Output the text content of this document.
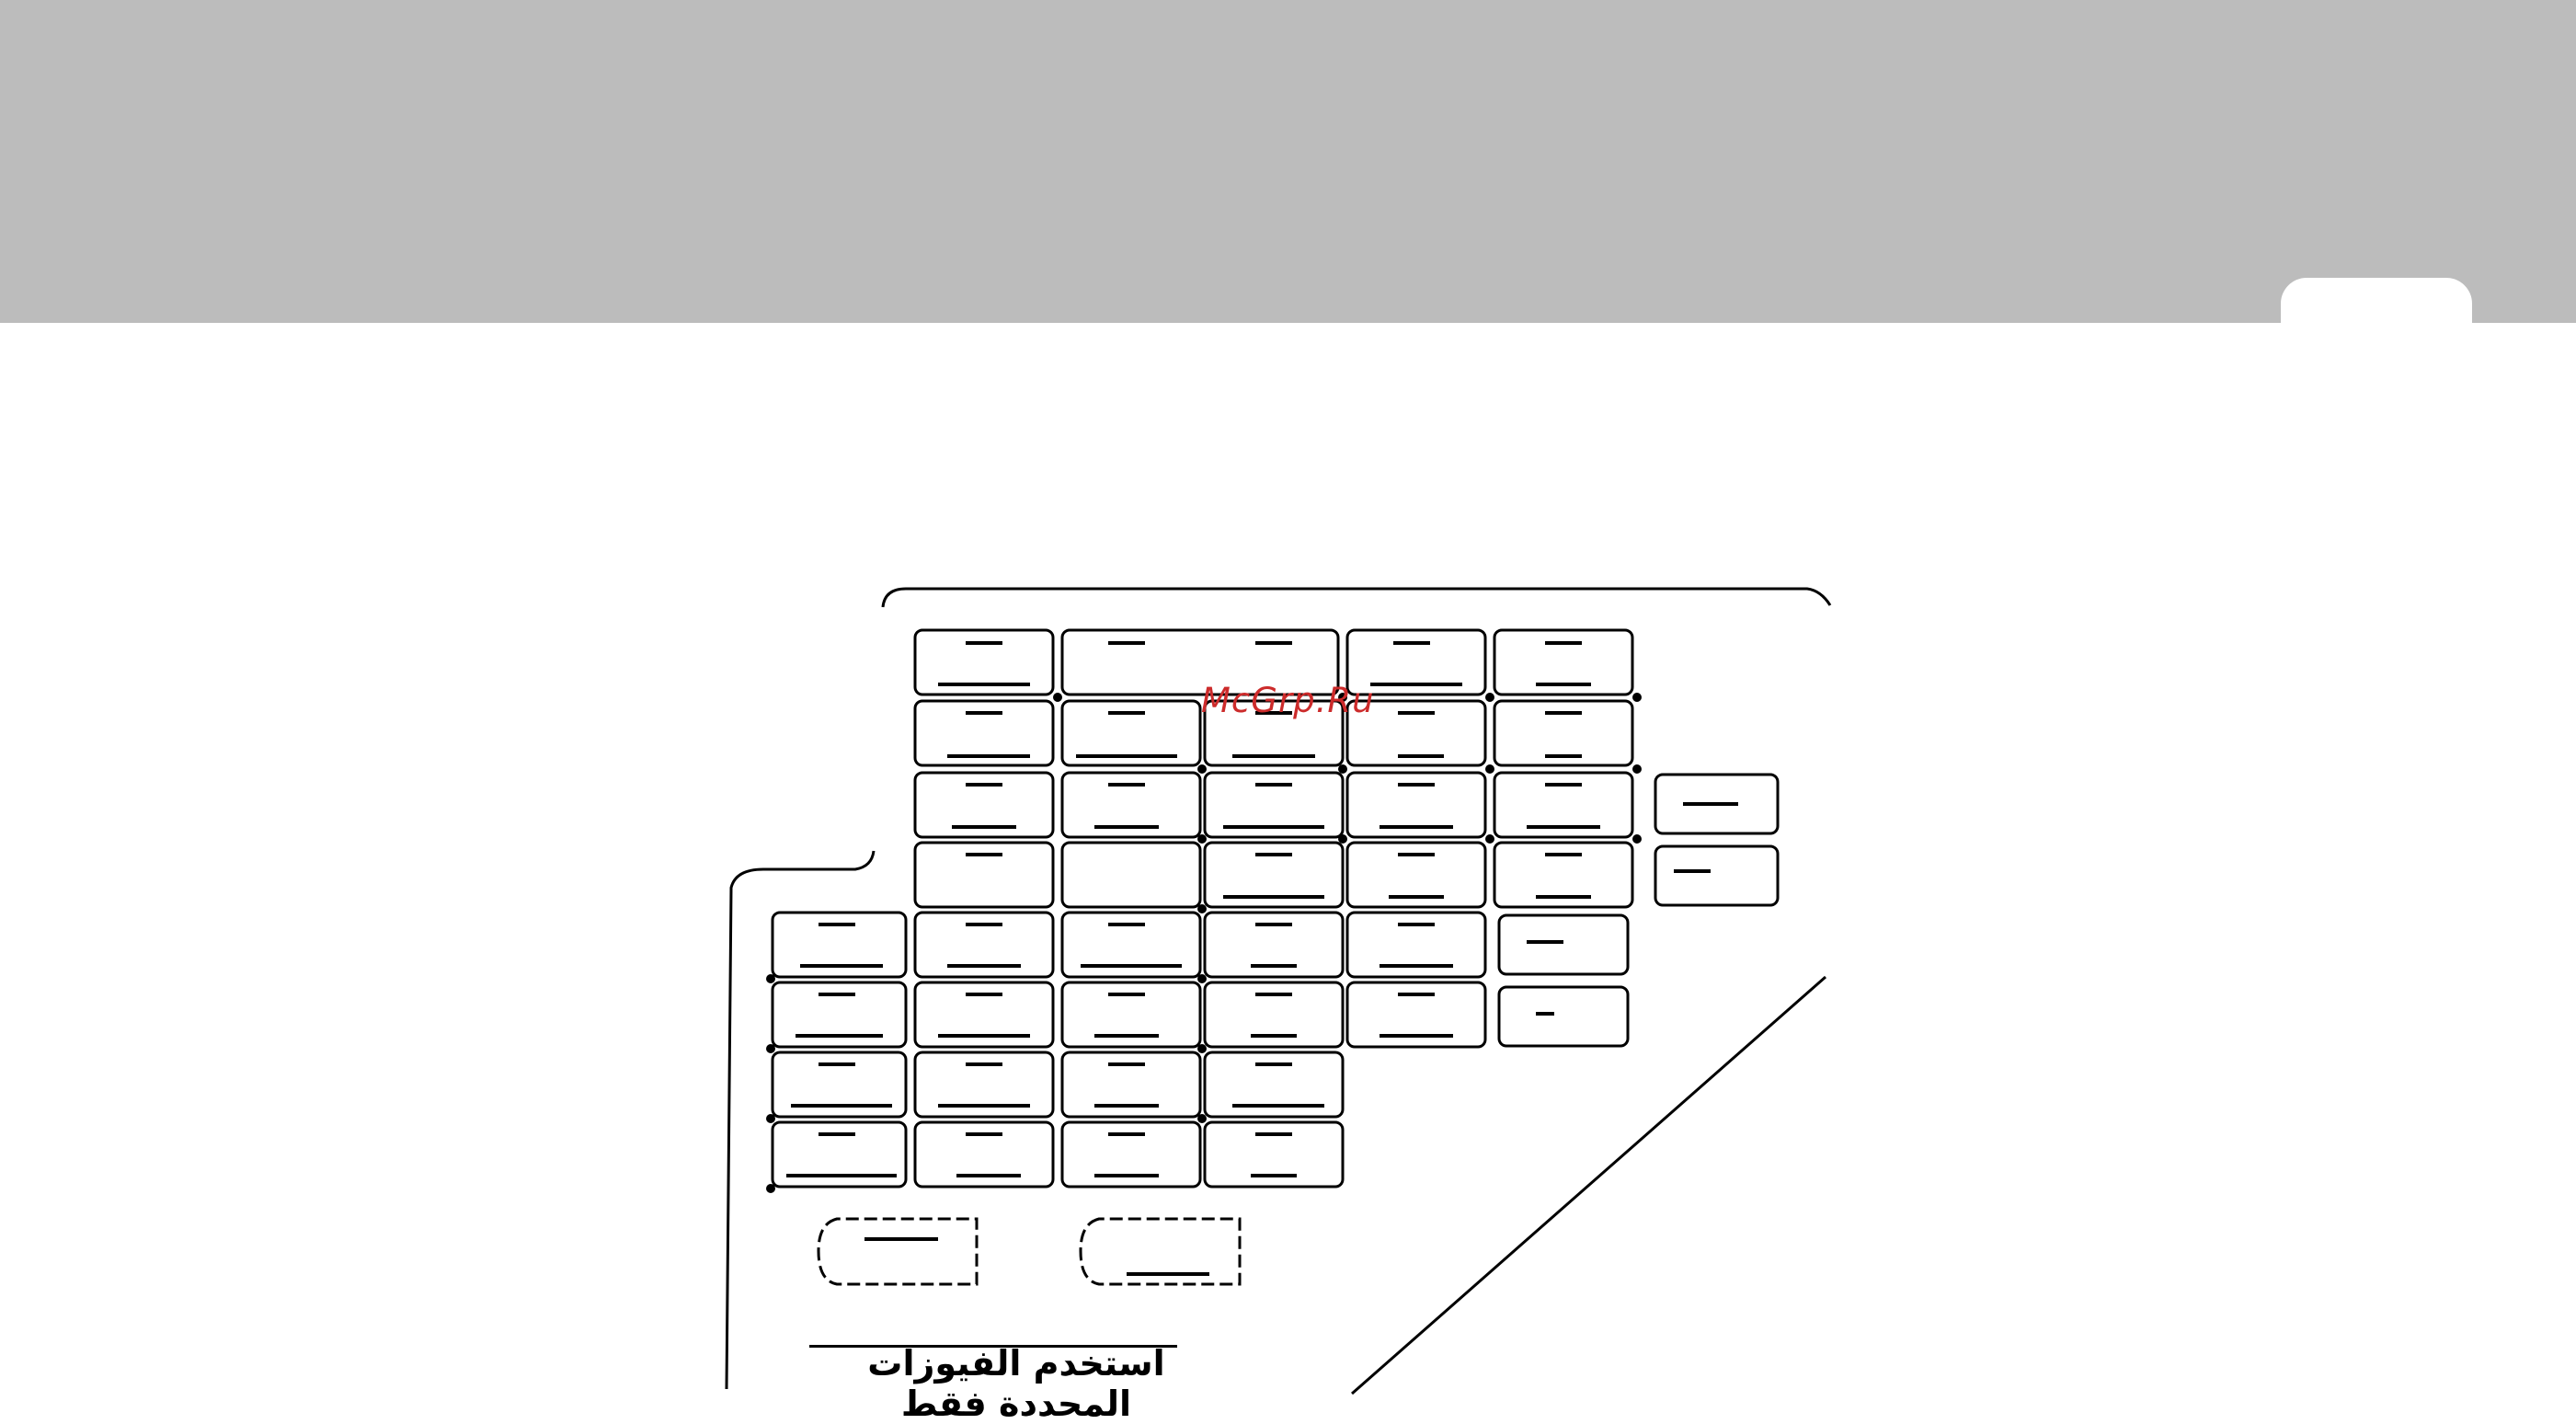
McGrp.Ru
استخدم الفيوزات المحددة فقط
